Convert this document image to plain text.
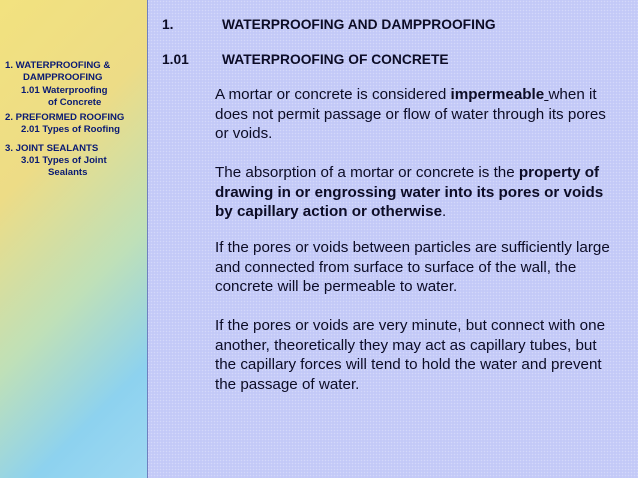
1. WATERPROOFING &
DAMPPROOFING
1.01 Waterproofing
of Concrete
2. PREFORMED ROOFING
2.01 Types of Roofing
3. JOINT SEALANTS
3.01 Types of Joint
Sealants
1.	WATERPROOFING AND DAMPPROOFING
1.01 WATERPROOFING OF CONCRETE
A mortar or concrete is considered impermeable when it does not permit passage or flow of water through its pores or voids.
The absorption of a mortar or concrete is the property of drawing in or engrossing water into its pores or voids by capillary action or otherwise.
If the pores or voids between particles are sufficiently large and connected from surface to surface of the wall, the concrete will be permeable to water.
If the pores or voids are very minute, but connect with one another, theoretically they may act as capillary tubes, but the capillary forces will tend to hold the water and prevent the passage of water.
